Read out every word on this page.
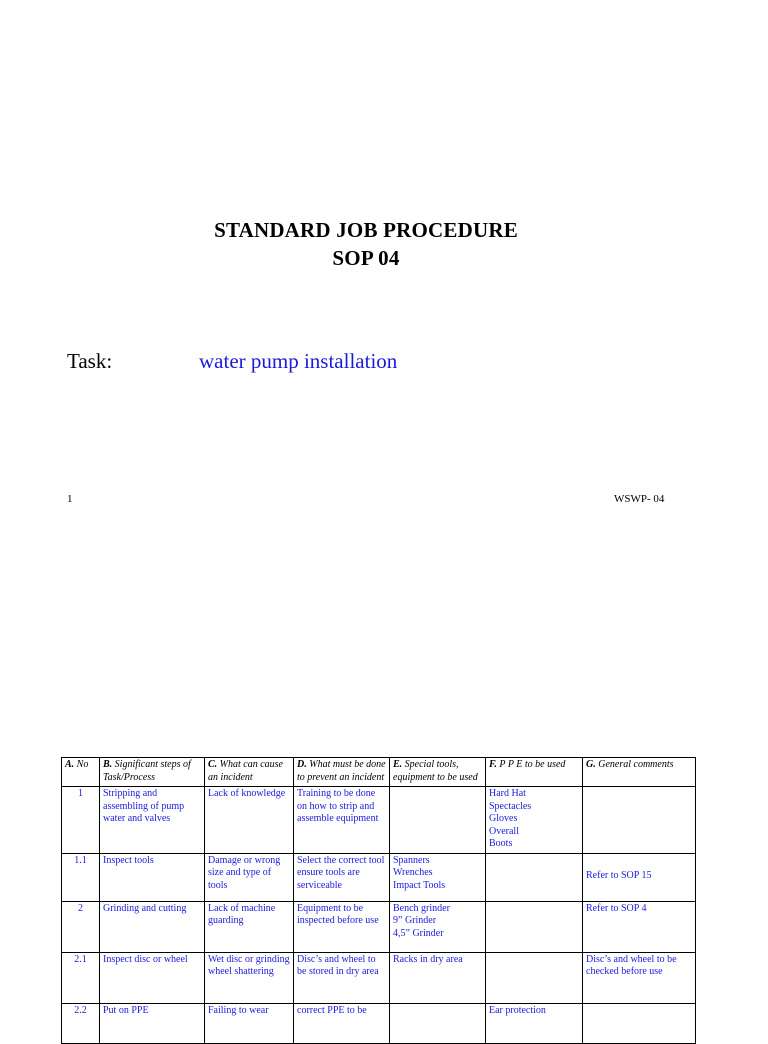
STANDARD JOB PROCEDURE
SOP 04
Task:	water pump installation
1	WSWP- 04
A. No	B. Significant steps of Task/Process	C. What can cause an incident	D. What must be done to prevent an incident	E. Special tools, equipment to be used	F. P P E to be used	G. General comments
1	Stripping and assembling of pump water and valves	Lack of knowledge	Training to be done on how to strip and assemble equipment		Hard Hat
Spectacles
Gloves
Overall
Boots	
1.1	Inspect tools	Damage or wrong size and type of tools	Select the correct tool ensure tools are serviceable	Spanners
Wrenches
Impact Tools		Refer to SOP 15
2	Grinding and cutting	Lack of machine guarding	Equipment to be inspected before use	Bench grinder
9” Grinder
4,5” Grinder		Refer to SOP 4
2.1	Inspect disc or wheel	Wet disc or grinding wheel shattering	Disc’s and wheel to be stored in dry area	Racks in dry area		Disc’s and wheel to be checked before use
2.2	Put on PPE	Failing to wear	correct PPE to be		Ear protection	
